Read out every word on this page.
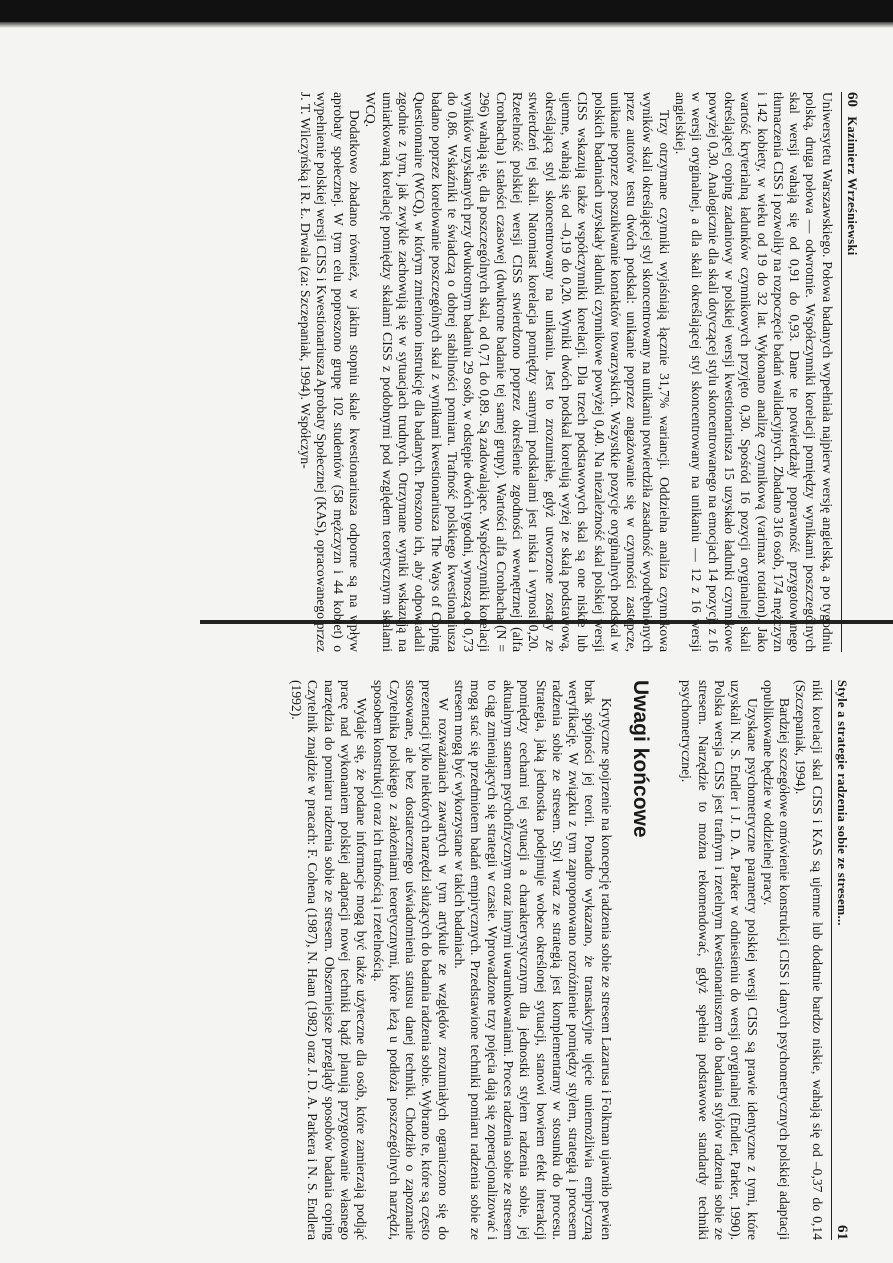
60   Kazimierz Wrześniewski

Uniwersytetu Warszawskiego. Połowa badanych wypełniała najpierw wersję angielską, a po tygodniu polską, druga połowa — odwrotnie. Współczynniki korelacji pomiędzy wynikami poszczególnych skal wersji wahają się od 0,91 do 0,93. Dane te potwierdzały poprawność przygotowanego tłumaczenia CISS i pozwoliły na rozpoczęcie badań walidacyjnych. Zbadano 316 osób, 174 mężczyzn i 142 kobiety, w wieku od 19 do 32 lat. Wykonano analizę czynnikową (varimax rotation). Jako wartość kryterialną ładunków czynnikowych przyjęto 0,30. Spośród 16 pozycji oryginalnej skali określającej coping zadaniowy w polskiej wersji kwestionariusza 15 uzyskało ładunki czynnikowe powyżej 0,30. Analogicznie dla skali dotyczącej stylu skoncentrowanego na emocjach 14 pozycji z 16 w wersji oryginalnej, a dla skali określającej styl skoncentrowany na unikaniu — 12 z 16 wersji angielskiej.

Trzy otrzymane czynniki wyjaśniają łącznie 31,7% wariancji. Oddzielna analiza czynnikowa wyników skali określającej styl skoncentrowany na unikaniu potwierdziła zasadność wyodrębnionych przez autorów testu dwóch podskal: unikanie poprzez angażowanie się w czynności zastępcze, unikanie poprzez poszukiwanie kontaktów towarzyskich. Wszystkie pozycje oryginalnych podskal w polskich badaniach uzyskały ładunki czynnikowe powyżej 0,40. Na niezależność skal polskiej wersji CISS wskazują także współczynniki korelacji. Dla trzech podstawowych skal są one niskie lub ujemne, wahają się od –0,19 do 0,20. Wyniki dwóch podskal korelują wyżej ze skalą podstawową, określającą styl skoncentrowany na unikaniu. Jest to zrozumiałe, gdyż utworzone zostały ze stwierdzeń tej skali. Natomiast korelacja pomiędzy samymi podskalami jest niska i wynosi 0,20. Rzetelność polskiej wersji CISS stwierdzono poprzez określenie zgodności wewnętrznej (alfa Cronbacha) i stałości czasowej (dwukrotne badanie tej samej grupy). Wartości alfa Cronbacha (N = 296) wahają się, dla poszczególnych skal, od 0,71 do 0,89. Są zadowalające. Współczynniki korelacji wyników uzyskanych przy dwukrotnym badaniu 29 osób, w odstępie dwóch tygodni, wynoszą od 0,73 do 0,86. Wskaźniki te świadczą o dobrej stabilności pomiaru. Trafność polskiego kwestionariusza badano poprzez korelowanie poszczególnych skal z wynikami kwestionariusza The Ways of Coping Questionnaire (WCQ), w którym zmieniono instrukcję dla badanych. Proszono ich, aby odpowiadali zgodnie z tym, jak zwykle zachowują się w sytuacjach trudnych. Otrzymane wyniki wskazują na umiarkowaną korelację pomiędzy skalami CISS z podobnymi pod względem teoretycznym skalami WCQ.

Dodatkowo zbadano również, w jakim stopniu skale kwestionariusza odporne są na wpływ aprobaty społecznej. W tym celu poproszono grupę 102 studentów (58 mężczyzn i 44 kobiet) o wypełnienie polskiej wersji CISS i Kwestionariusza Aprobaty Społecznej (KAS), opracowanego przez J. T. Wilczyńską i R. Ł. Drwala (za: Szczepaniak, 1994). Współczyn-

Style a strategie radzenia sobie ze stresem...
61

niki korelacji skal CISS i KAS są ujemne lub dodatnie bardzo niskie, wahają się od –0,37 do 0,14 (Szczepaniak, 1994).

Bardziej szczegółowe omówienie konstrukcji CISS i danych psychometrycznych polskiej adaptacji opublikowane będzie w oddzielnej pracy.

Uzyskane psychometryczne parametry polskiej wersji CISS są prawie identyczne z tymi, które uzyskali N. S. Endler i J. D. A. Parker w odniesieniu do wersji oryginalnej (Endler, Parker, 1990). Polska wersja CISS jest trafnym i rzetelnym kwestionariuszem do badania stylów radzenia sobie ze stresem. Narzędzie to można rekomendować, gdyż spełnia podstawowe standardy techniki psychometrycznej.

Uwagi końcowe

Krytyczne spojrzenie na koncepcję radzenia sobie ze stresem Lazarusa i Folkman ujawniło pewien brak spójności jej teorii. Ponadto wykazano, że transakcyjne ujęcie uniemożliwia empiryczną weryfikację. W związku z tym zaproponowano rozróżnienie pomiędzy stylem, strategią i procesem radzenia sobie ze stresem. Styl wraz ze strategią jest komplementarny w stosunku do procesu. Strategia, jaką jednostka podejmuje wobec określonej sytuacji, stanowi bowiem efekt interakcji pomiędzy cechami tej sytuacji a charakterystycznym dla jednostki stylem radzenia sobie, jej aktualnym stanem psychofizycznym oraz innymi uwarunkowaniami. Proces radzenia sobie ze stresem to ciąg zmieniających się strategii w czasie. Wprowadzone trzy pojęcia dają się zoperacjonalizować i mogą stać się przedmiotem badań empirycznych. Przedstawione techniki pomiaru radzenia sobie ze stresem mogą być wykorzystane w takich badaniach.

W rozważaniach zawartych w tym artykule ze względów zrozumiałych ograniczono się do prezentacji tylko niektórych narzędzi służących do badania radzenia sobie. Wybrano te, które są często stosowane, ale bez dostatecznego uświadomienia statusu danej techniki. Chodziło o zapoznanie Czytelnika polskiego z założeniami teoretycznymi, które leżą u podłoża poszczególnych narzędzi, sposobem konstrukcji oraz ich trafnością i rzetelnością.

Wydaje się, że podane informacje mogą być także użyteczne dla osób, które zamierzają podjąć pracę nad wykonaniem polskiej adaptacji nowej techniki bądź planują przygotowanie własnego narzędzia do pomiaru radzenia sobie ze stresem. Obszerniejsze przeglądy sposobów badania coping Czytelnik znajdzie w pracach: F. Cohena (1987), N. Haan (1982) oraz J. D. A. Parkera i N. S. Endlera (1992).
